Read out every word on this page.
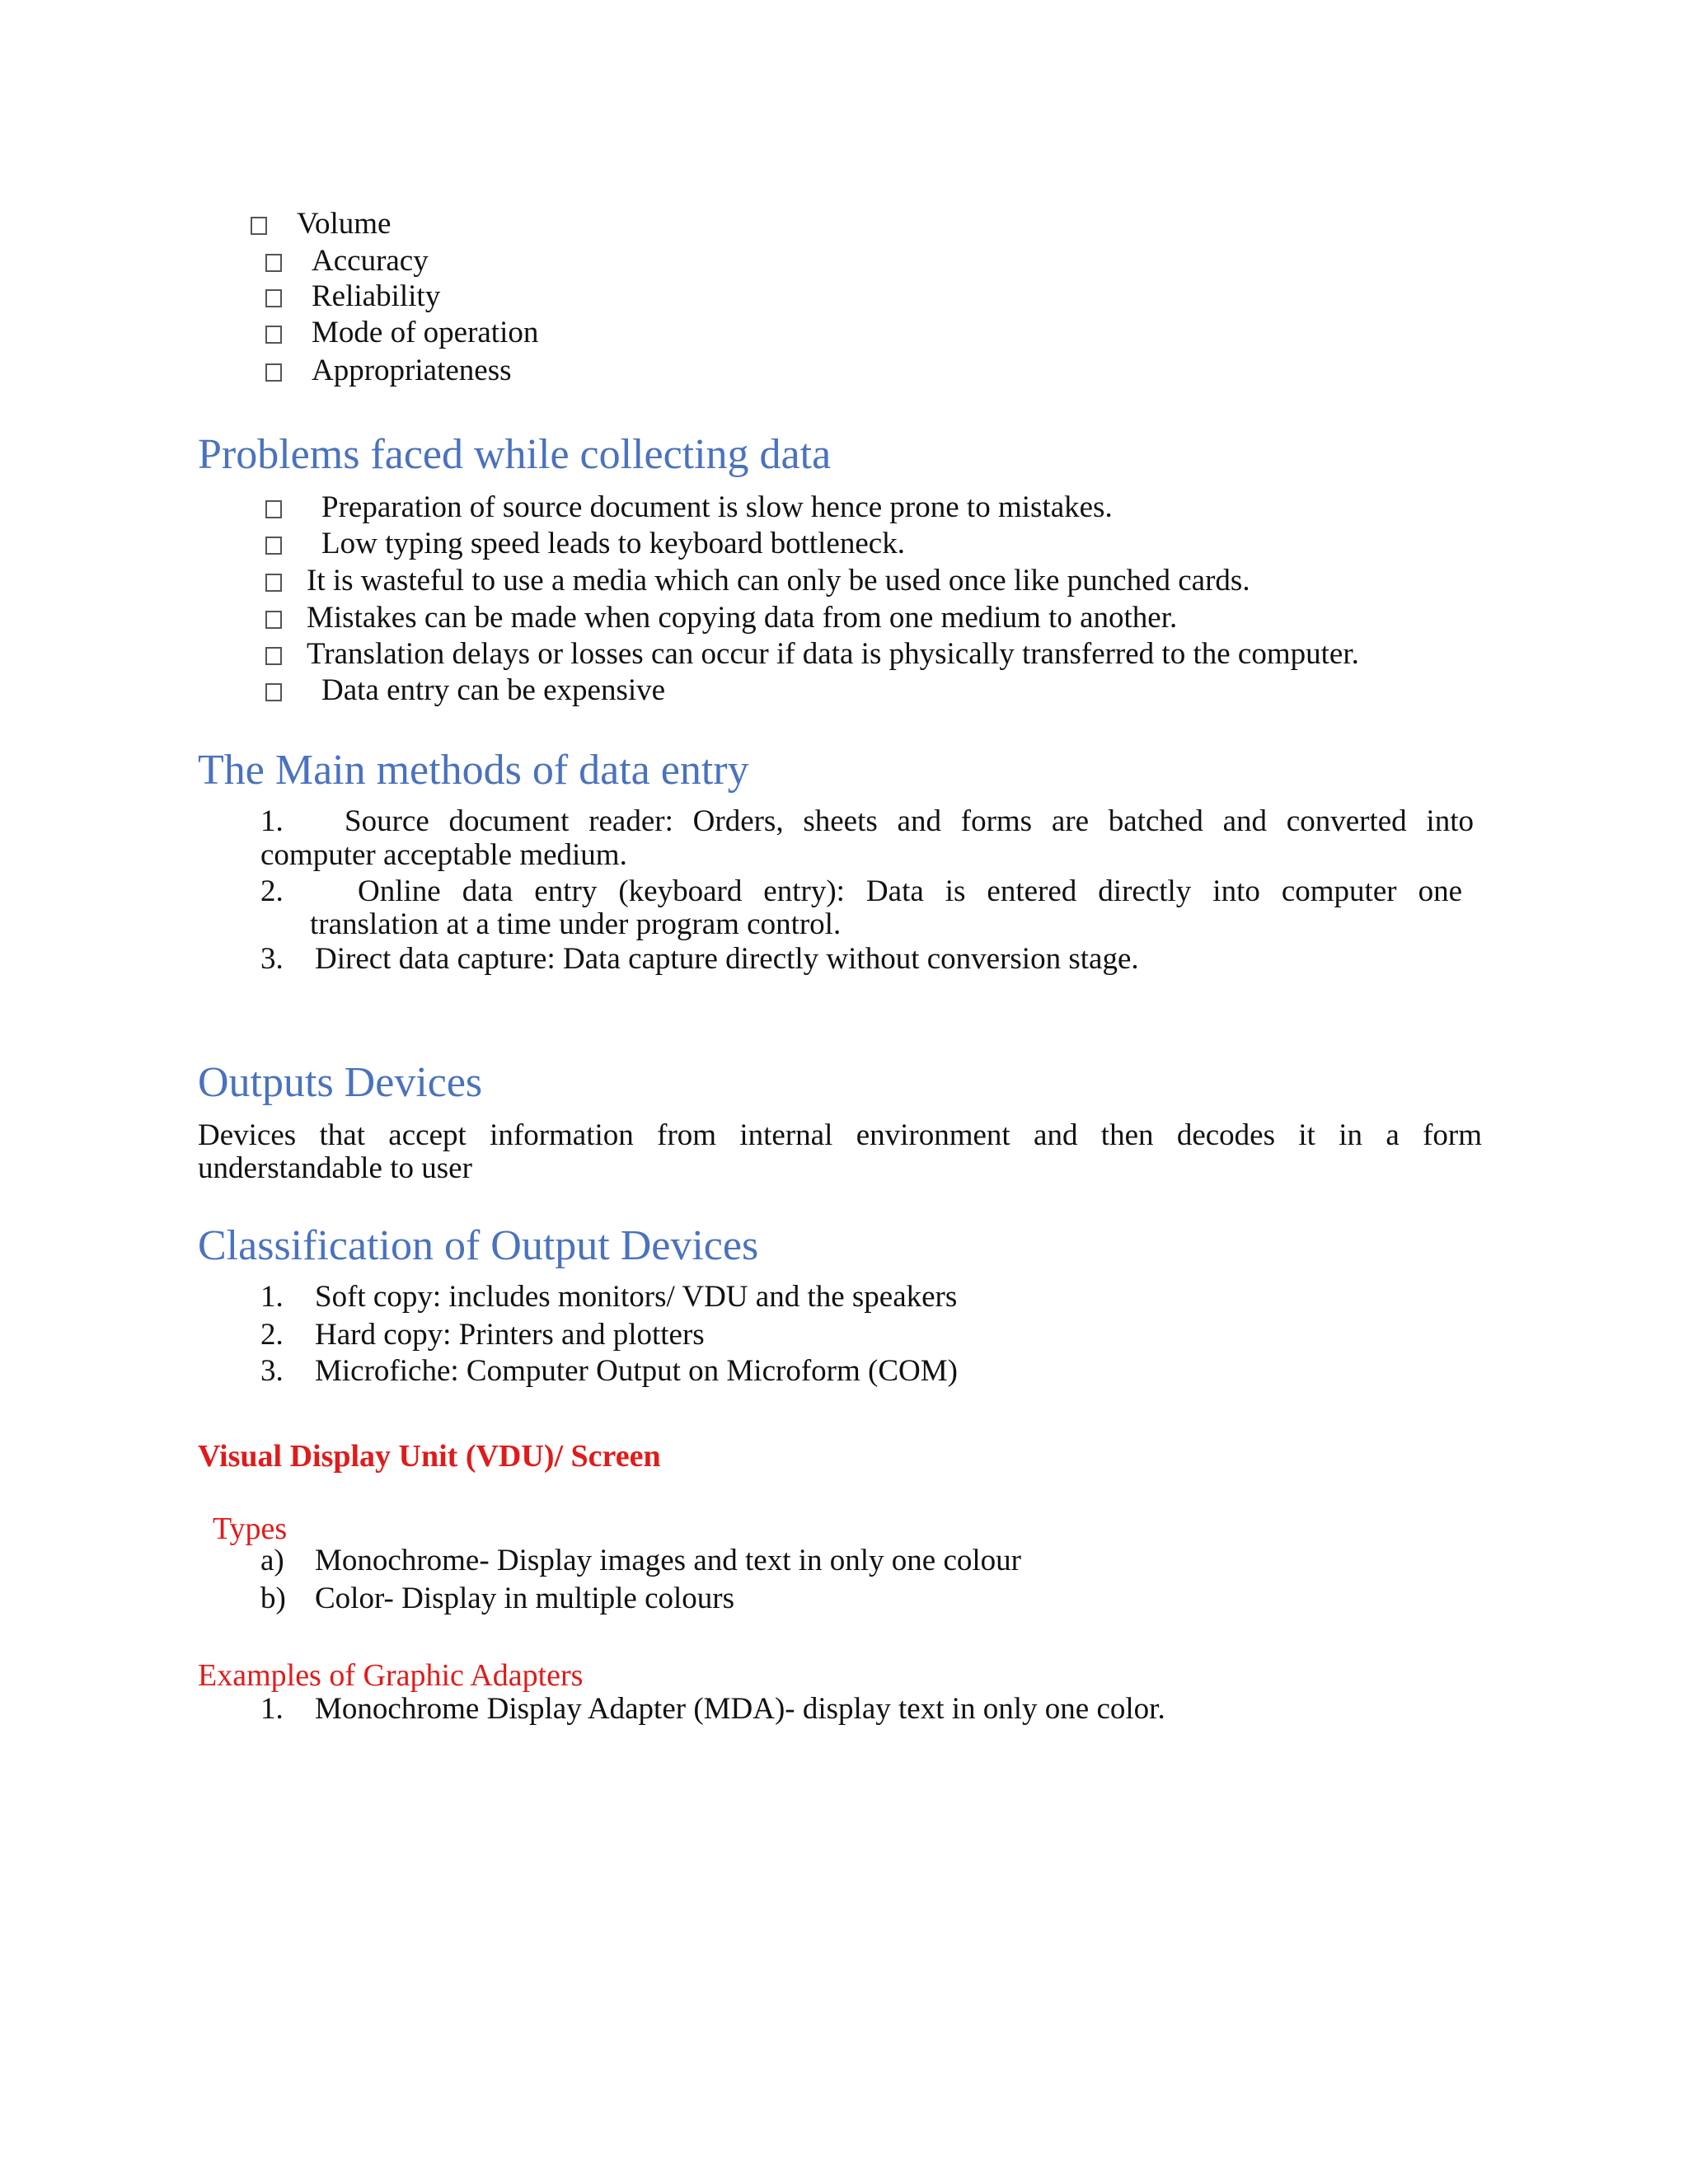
Volume
Accuracy
Reliability
Mode of operation
Appropriateness
Problems faced while collecting data
Preparation of source document is slow hence prone to mistakes.
Low typing speed leads to keyboard bottleneck.
It is wasteful to use a media which can only be used once like punched cards.
Mistakes can be made when copying data from one medium to another.
Translation delays or losses can occur if data is physically transferred to the computer.
Data entry can be expensive
The Main methods of data entry
1. Source document reader: Orders, sheets and forms are batched and converted into
computer acceptable medium.
2. Online data entry (keyboard entry): Data is entered directly into computer one
translation at a time under program control.
3. Direct data capture: Data capture directly without conversion stage.
Outputs Devices
Devices that accept information from internal environment and then decodes it in a form
understandable to user
Classification of Output Devices
1. Soft copy: includes monitors/ VDU and the speakers
2. Hard copy: Printers and plotters
3. Microfiche: Computer Output on Microform (COM)
Visual Display Unit (VDU)/ Screen
Types
a) Monochrome- Display images and text in only one colour
b) Color- Display in multiple colours
Examples of Graphic Adapters
1. Monochrome Display Adapter (MDA)- display text in only one color.
